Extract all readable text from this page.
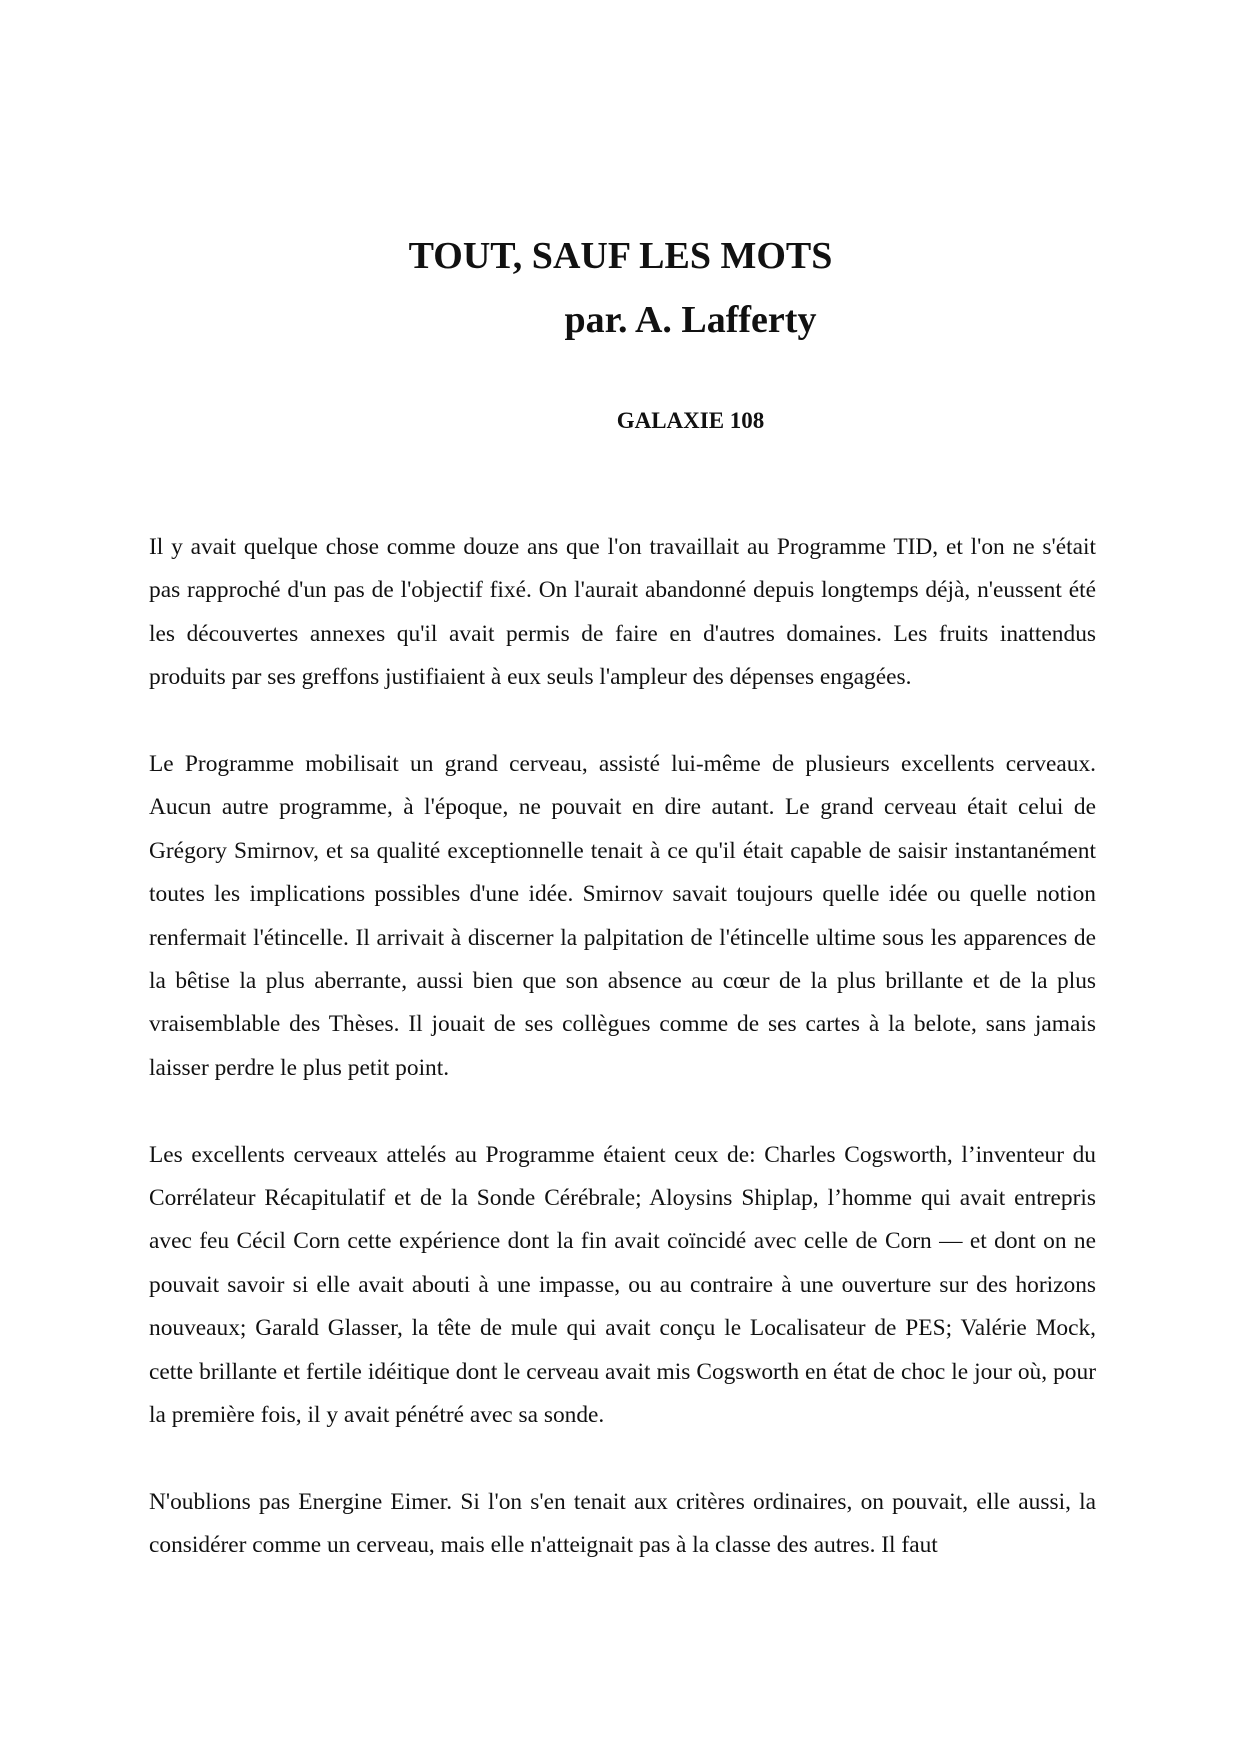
TOUT, SAUF LES MOTS
par. A. Lafferty

GALAXIE 108

Il y avait quelque chose comme douze ans que l'on travaillait au Programme TID, et l'on ne s'était pas rapproché d'un pas de l'objectif fixé. On l'aurait abandonné depuis longtemps déjà, n'eussent été les découvertes annexes qu'il avait permis de faire en d'autres domaines. Les fruits inattendus produits par ses greffons justifiaient à eux seuls l'ampleur des dépenses engagées.

Le Programme mobilisait un grand cerveau, assisté lui-même de plusieurs excellents cerveaux. Aucun autre programme, à l'époque, ne pouvait en dire autant. Le grand cerveau était celui de Grégory Smirnov, et sa qualité exceptionnelle tenait à ce qu'il était capable de saisir instantanément toutes les implications possibles d'une idée. Smirnov savait toujours quelle idée ou quelle notion renfermait l'étincelle. Il arrivait à discerner la palpitation de l'étincelle ultime sous les apparences de la bêtise la plus aberrante, aussi bien que son absence au cœur de la plus brillante et de la plus vraisemblable des Thèses. Il jouait de ses collègues comme de ses cartes à la belote, sans jamais laisser perdre le plus petit point.

Les excellents cerveaux attelés au Programme étaient ceux de: Charles Cogsworth, l’inventeur du Corrélateur Récapitulatif et de la Sonde Cérébrale; Aloysins Shiplap, l’homme qui avait entrepris avec feu Cécil Corn cette expérience dont la fin avait coïncidé avec celle de Corn — et dont on ne pouvait savoir si elle avait abouti à une impasse, ou au contraire à une ouverture sur des horizons nouveaux; Garald Glasser, la tête de mule qui avait conçu le Localisateur de PES; Valérie Mock, cette brillante et fertile idéitique dont le cerveau avait mis Cogsworth en état de choc le jour où, pour la première fois, il y avait pénétré avec sa sonde.

N'oublions pas Energine Eimer. Si l'on s'en tenait aux critères ordinaires, on pouvait, elle aussi, la considérer comme un cerveau, mais elle n'atteignait pas à la classe des autres. Il faut
